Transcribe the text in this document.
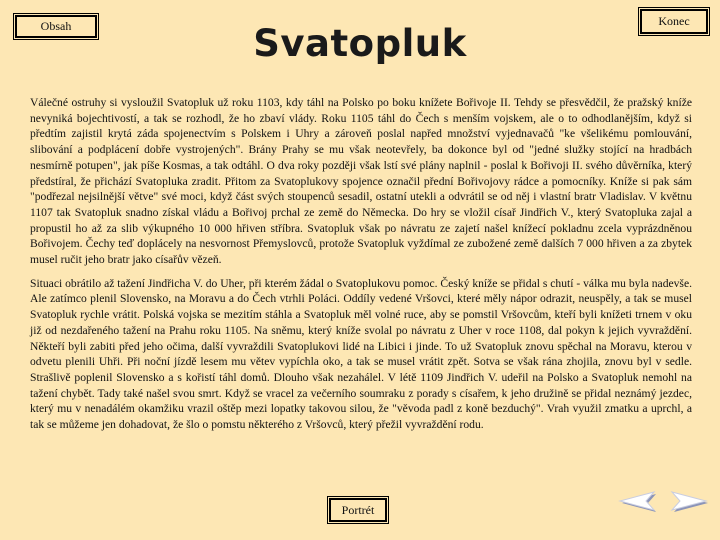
Obsah	Konec
Svatopluk

Válečné ostruhy si vysloužil Svatopluk už roku 1103, kdy táhl na Polsko po boku knížete Bořivoje II. Tehdy se přesvědčil, že pražský kníže nevyniká bojechtivostí, a tak se rozhodl, že ho zbaví vlády. Roku 1105 táhl do Čech s menším vojskem, ale o to odhodlanějším, když si předtím zajistil krytá záda spojenectvím s Polskem i Uhry a zároveň poslal napřed množství vyjednavačů "ke všelikému pomlouvání, slibování a podplácení dobře vystrojených". Brány Prahy se mu však neotevřely, ba dokonce byl od "jedné služky stojící na hradbách nesmírně potupen", jak píše Kosmas, a tak odtáhl. O dva roky později však lstí své plány naplnil - poslal k Bořivoji II. svého důvěrníka, který předstíral, že přichází Svatopluka zradit. Přitom za Svatoplukovy spojence označil přední Bořivojovy rádce a pomocníky. Kníže si pak sám "podřezal nejsilnější větve" své moci, když část svých stoupenců sesadil, ostatní utekli a odvrátil se od něj i vlastní bratr Vladislav. V květnu 1107 tak Svatopluk snadno získal vládu a Bořivoj prchal ze země do Německa. Do hry se vložil císař Jindřich V., který Svatopluka zajal a propustil ho až za slib výkupného 10 000 hřiven stříbra. Svatopluk však po návratu ze zajetí našel knížecí pokladnu zcela vyprázdněnou Bořivojem. Čechy teď doplácely na nesvornost Přemyslovců, protože Svatopluk vyždímal ze zubožené země dalších 7 000 hřiven a za zbytek musel ručit jeho bratr jako císařův vězeň.

Situaci obrátilo až tažení Jindřicha V. do Uher, při kterém žádal o Svatoplukovu pomoc. Český kníže se přidal s chutí - válka mu byla nadevše. Ale zatímco plenil Slovensko, na Moravu a do Čech vtrhli Poláci. Oddíly vedené Vršovci, které měly nápor odrazit, neuspěly, a tak se musel Svatopluk rychle vrátit. Polská vojska se mezitím stáhla a Svatopluk měl volné ruce, aby se pomstil Vršovcům, kteří byli knížeti trnem v oku již od nezdařeného tažení na Prahu roku 1105. Na sněmu, který kníže svolal po návratu z Uher v roce 1108, dal pokyn k jejich vyvraždění. Někteří byli zabiti před jeho očima, další vyvraždili Svatoplukovi lidé na Libici i jinde. To už Svatopluk znovu spěchal na Moravu, kterou v odvetu plenili Uhři. Při noční jízdě lesem mu větev vypíchla oko, a tak se musel vrátit zpět. Sotva se však rána zhojila, znovu byl v sedle. Strašlivě poplenil Slovensko a s kořistí táhl domů. Dlouho však nezahálel. V létě 1109 Jindřich V. udeřil na Polsko a Svatopluk nemohl na tažení chybět. Tady také našel svou smrt. Když se vracel za večerního soumraku z porady s císařem, k jeho družině se přidal neznámý jezdec, který mu v nenadálém okamžiku vrazil oštěp mezi lopatky takovou silou, že "věvoda padl z koně bezduchý". Vrah využil zmatku a uprchl, a tak se můžeme jen dohadovat, že šlo o pomstu některého z Vršovců, který přežil vyvraždění rodu.

Portrét
